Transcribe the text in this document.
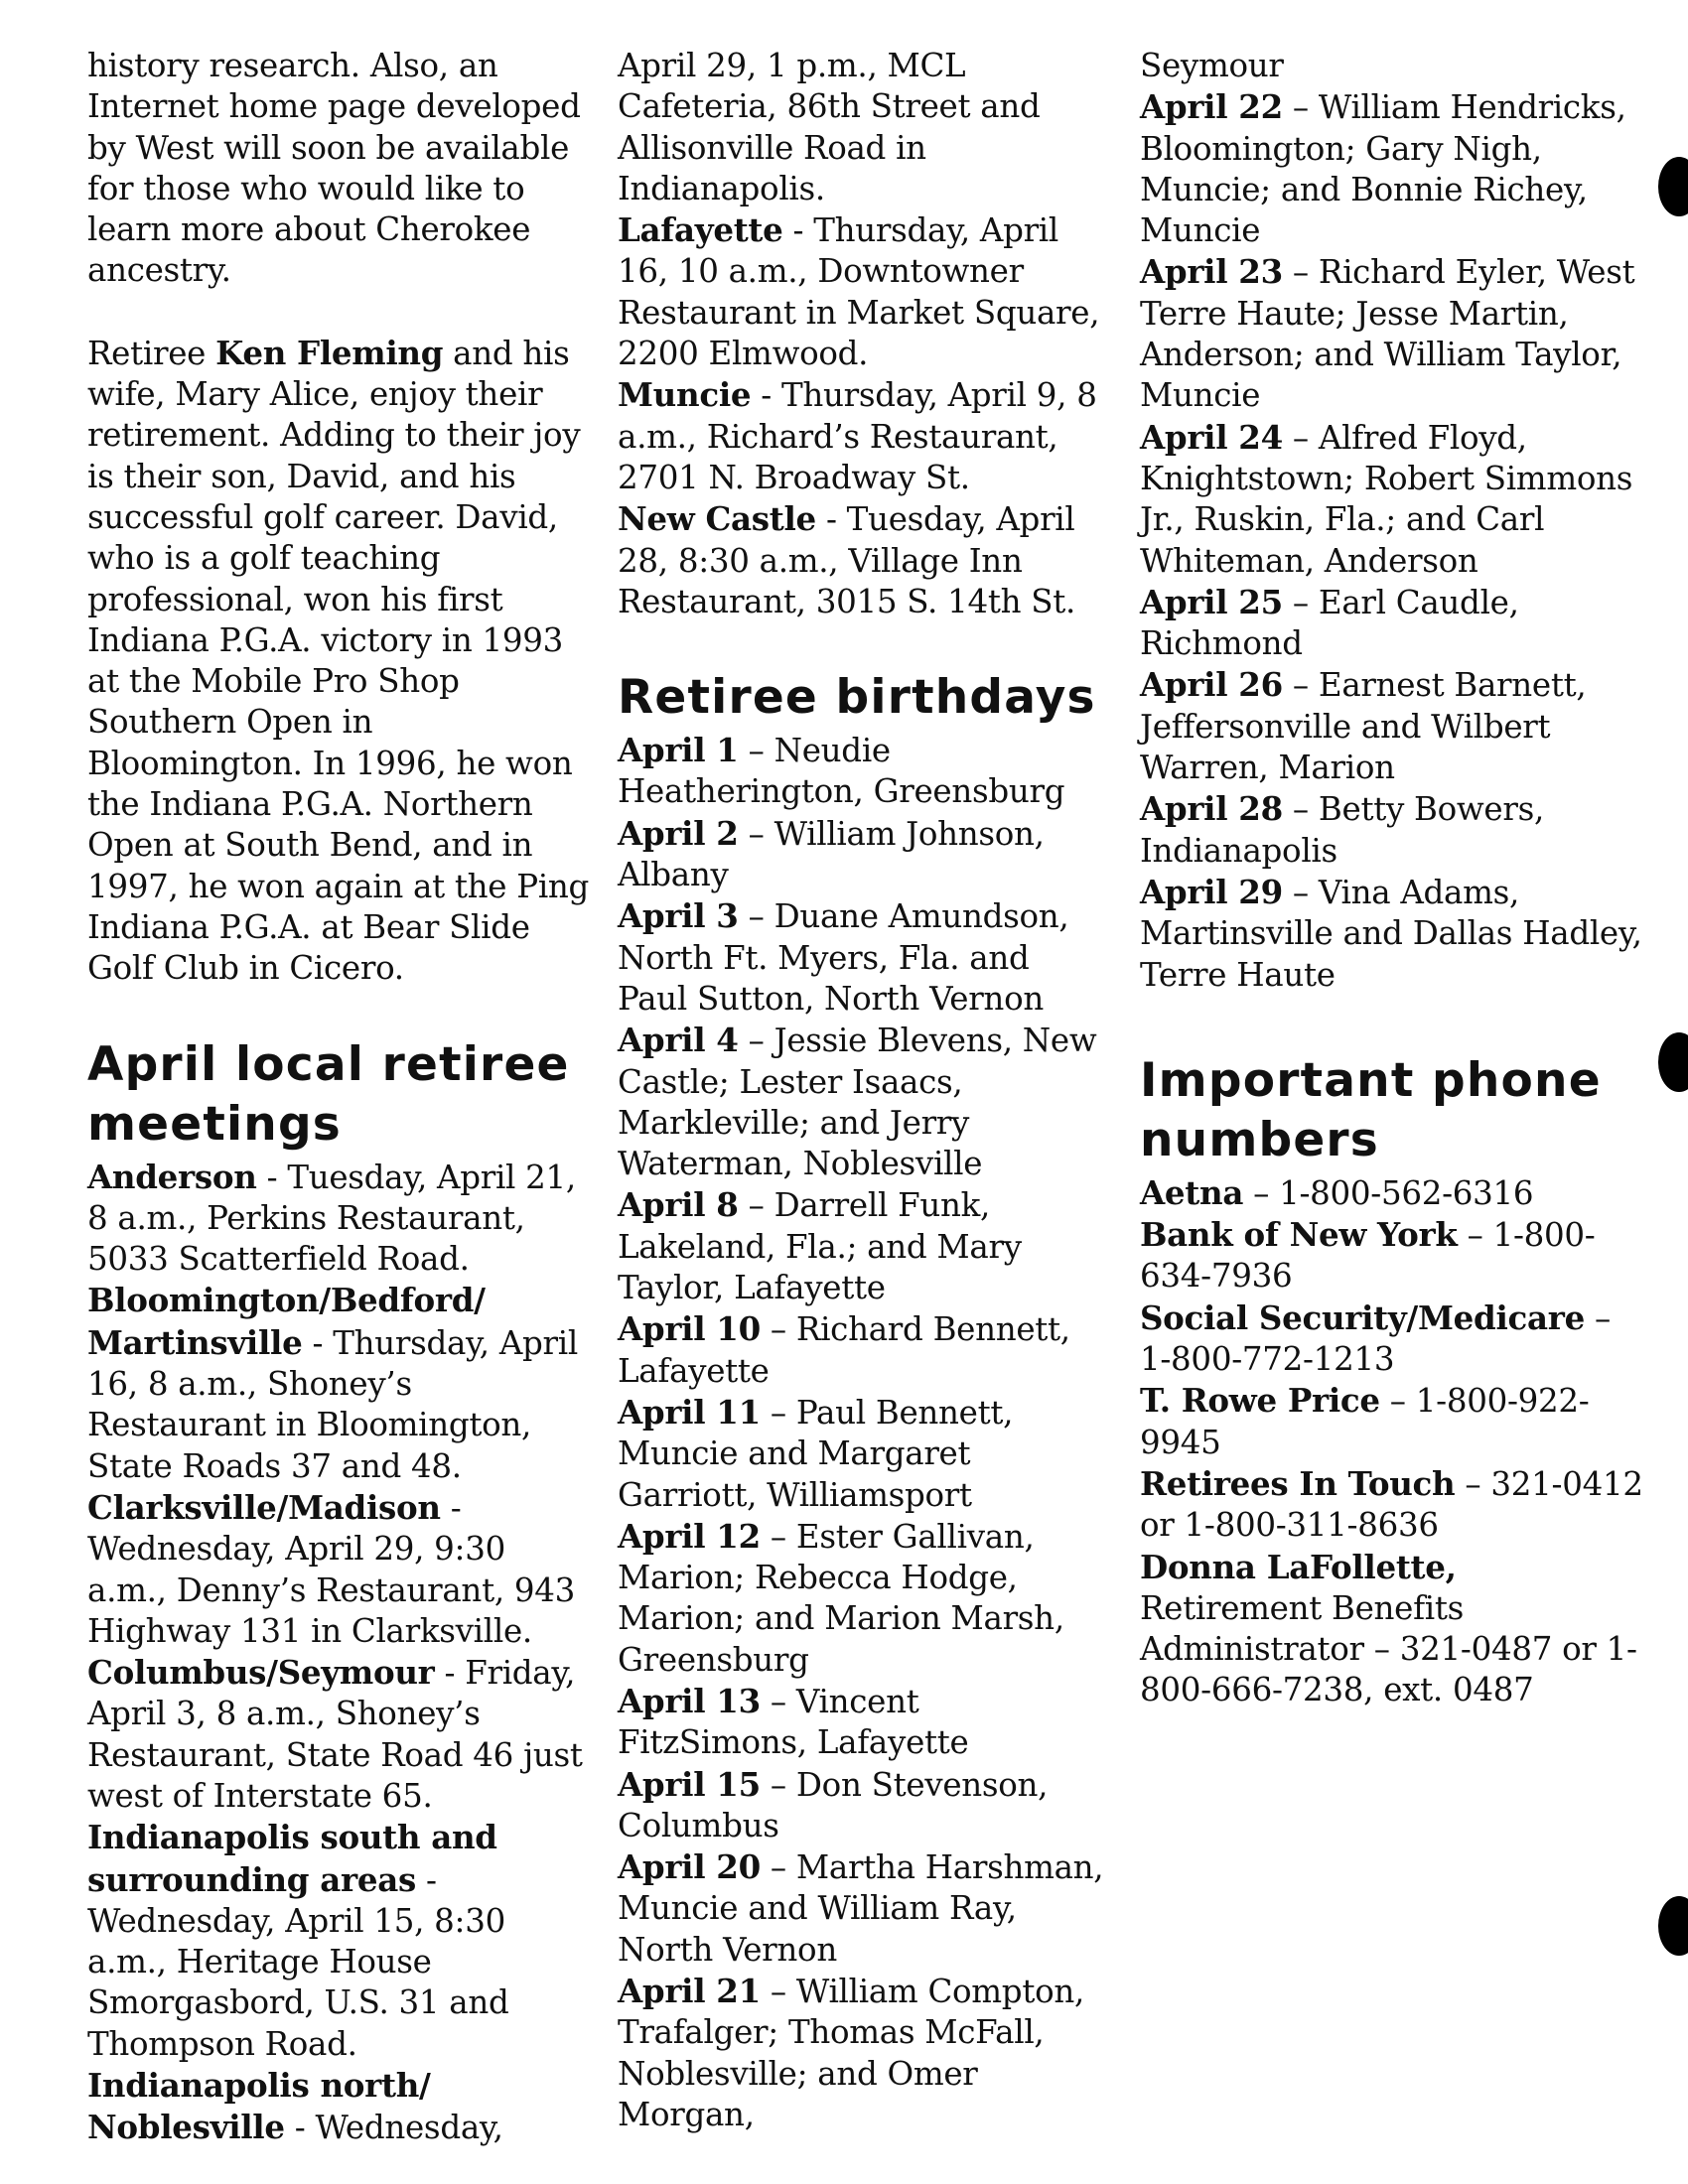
history research. Also, an Internet home page developed by West will soon be available for those who would like to learn more about Cherokee ancestry.

Retiree Ken Fleming and his wife, Mary Alice, enjoy their retirement. Adding to their joy is their son, David, and his successful golf career. David, who is a golf teaching professional, won his first Indiana P.G.A. victory in 1993 at the Mobile Pro Shop Southern Open in Bloomington. In 1996, he won the Indiana P.G.A. Northern Open at South Bend, and in 1997, he won again at the Ping Indiana P.G.A. at Bear Slide Golf Club in Cicero.

April local retiree meetings

Anderson - Tuesday, April 21, 8 a.m., Perkins Restaurant, 5033 Scatterfield Road.

Bloomington/Bedford/ Martinsville - Thursday, April 16, 8 a.m., Shoney’s Restaurant in Bloomington, State Roads 37 and 48.

Clarksville/Madison - Wednesday, April 29, 9:30 a.m., Denny’s Restaurant, 943 Highway 131 in Clarksville.

Columbus/Seymour - Friday, April 3, 8 a.m., Shoney’s Restaurant, State Road 46 just west of Interstate 65.

Indianapolis south and surrounding areas - Wednesday, April 15, 8:30 a.m., Heritage House Smorgasbord, U.S. 31 and Thompson Road.

Indianapolis north/ Noblesville - Wednesday,

April 29, 1 p.m., MCL Cafeteria, 86th Street and Allisonville Road in Indianapolis.

Lafayette - Thursday, April 16, 10 a.m., Downtowner Restaurant in Market Square, 2200 Elmwood.

Muncie - Thursday, April 9, 8 a.m., Richard’s Restaurant, 2701 N. Broadway St.

New Castle - Tuesday, April 28, 8:30 a.m., Village Inn Restaurant, 3015 S. 14th St.

Retiree birthdays

April 1 – Neudie Heatherington, Greensburg

April 2 – William Johnson, Albany

April 3 – Duane Amundson, North Ft. Myers, Fla. and Paul Sutton, North Vernon

April 4 – Jessie Blevens, New Castle; Lester Isaacs, Markleville; and Jerry Waterman, Noblesville

April 8 – Darrell Funk, Lakeland, Fla.; and Mary Taylor, Lafayette

April 10 – Richard Bennett, Lafayette

April 11 – Paul Bennett, Muncie and Margaret Garriott, Williamsport

April 12 – Ester Gallivan, Marion; Rebecca Hodge, Marion; and Marion Marsh, Greensburg

April 13 – Vincent FitzSimons, Lafayette

April 15 – Don Stevenson, Columbus

April 20 – Martha Harshman, Muncie and William Ray, North Vernon

April 21 – William Compton, Trafalger; Thomas McFall, Noblesville; and Omer Morgan,

Seymour

April 22 – William Hendricks, Bloomington; Gary Nigh, Muncie; and Bonnie Richey, Muncie

April 23 – Richard Eyler, West Terre Haute; Jesse Martin, Anderson; and William Taylor, Muncie

April 24 – Alfred Floyd, Knightstown; Robert Simmons Jr., Ruskin, Fla.; and Carl Whiteman, Anderson

April 25 – Earl Caudle, Richmond

April 26 – Earnest Barnett, Jeffersonville and Wilbert Warren, Marion

April 28 – Betty Bowers, Indianapolis

April 29 – Vina Adams, Martinsville and Dallas Hadley, Terre Haute

Important phone numbers

Aetna – 1-800-562-6316

Bank of New York – 1-800-634-7936

Social Security/Medicare – 1-800-772-1213

T. Rowe Price – 1-800-922-9945

Retirees In Touch – 321-0412 or 1-800-311-8636

Donna LaFollette, Retirement Benefits Administrator – 321-0487 or 1-800-666-7238, ext. 0487
